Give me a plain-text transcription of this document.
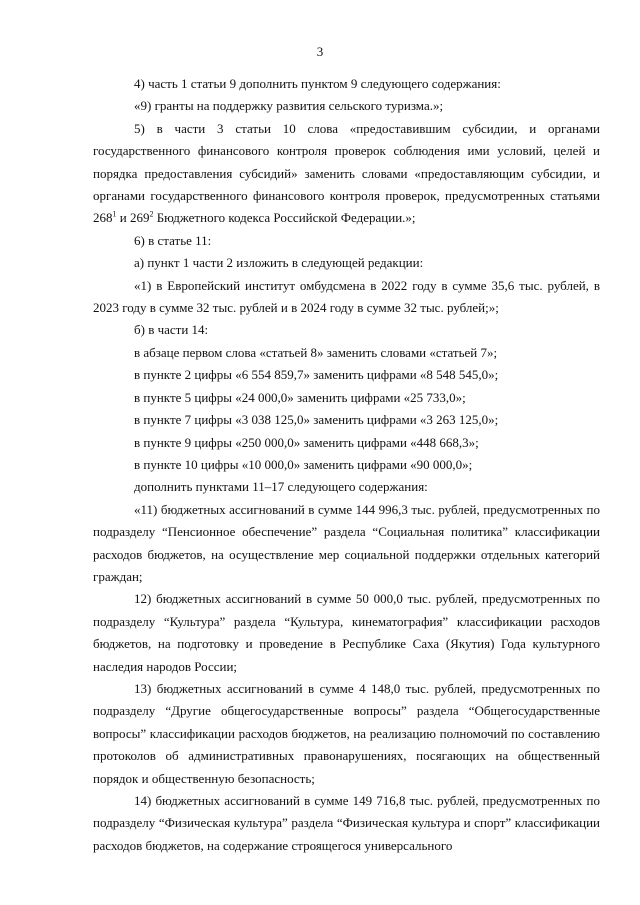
3

4) часть 1 статьи 9 дополнить пунктом 9 следующего содержания:

«9) гранты на поддержку развития сельского туризма.»;

5) в части 3 статьи 10 слова «предоставившим субсидии, и органами государственного финансового контроля проверок соблюдения ими условий, целей и порядка предоставления субсидий» заменить словами «предоставляющим субсидии, и органами государственного финансового контроля проверок, предусмотренных статьями $268^1$ и $269^2$ Бюджетного кодекса Российской Федерации.»;

6) в статье 11:

а) пункт 1 части 2 изложить в следующей редакции:

«1) в Европейский институт омбудсмена в 2022 году в сумме 35,6 тыс. рублей, в 2023 году в сумме 32 тыс. рублей и в 2024 году в сумме 32 тыс. рублей;»;

б) в части 14:

в абзаце первом слова «статьей 8» заменить словами «статьей 7»;

в пункте 2 цифры «6 554 859,7» заменить цифрами «8 548 545,0»;

в пункте 5 цифры «24 000,0» заменить цифрами «25 733,0»;

в пункте 7 цифры «3 038 125,0» заменить цифрами «3 263 125,0»;

в пункте 9 цифры «250 000,0» заменить цифрами «448 668,3»;

в пункте 10 цифры «10 000,0» заменить цифрами «90 000,0»;

дополнить пунктами 11–17 следующего содержания:

«11) бюджетных ассигнований в сумме 144 996,3 тыс. рублей, предусмотренных по подразделу “Пенсионное обеспечение” раздела “Социальная политика” классификации расходов бюджетов, на осуществление мер социальной поддержки отдельных категорий граждан;

12) бюджетных ассигнований в сумме 50 000,0 тыс. рублей, предусмотренных по подразделу “Культура” раздела “Культура, кинематография” классификации расходов бюджетов, на подготовку и проведение в Республике Саха (Якутия) Года культурного наследия народов России;

13) бюджетных ассигнований в сумме 4 148,0 тыс. рублей, предусмотренных по подразделу “Другие общегосударственные вопросы” раздела “Общегосударственные вопросы” классификации расходов бюджетов, на реализацию полномочий по составлению протоколов об административных правонарушениях, посягающих на общественный порядок и общественную безопасность;

14) бюджетных ассигнований в сумме 149 716,8 тыс. рублей, предусмотренных по подразделу “Физическая культура” раздела “Физическая культура и спорт” классификации расходов бюджетов, на содержание строящегося универсального
